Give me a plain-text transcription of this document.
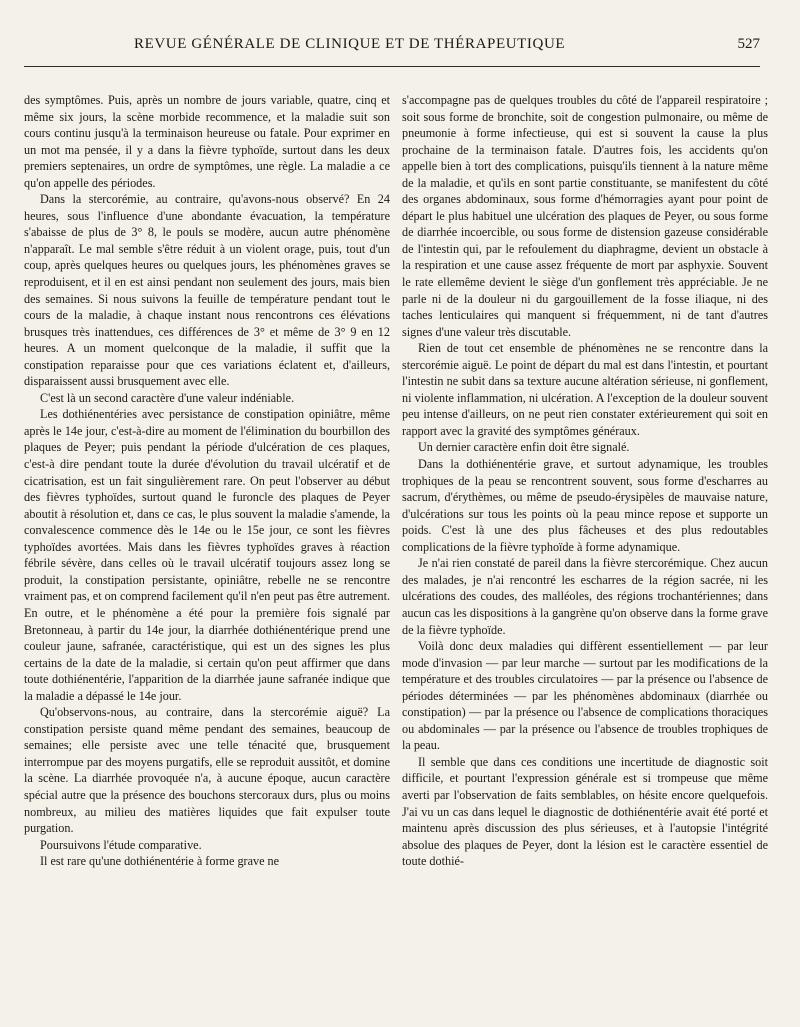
REVUE GÉNÉRALE DE CLINIQUE ET DE THÉRAPEUTIQUE	527

des symptômes. Puis, après un nombre de jours variable, quatre, cinq et même six jours, la scène morbide recommence, et la maladie suit son cours continu jusqu'à la terminaison heureuse ou fatale. Pour exprimer en un mot ma pensée, il y a dans la fièvre typhoïde, surtout dans les deux premiers septenaires, un ordre de symptômes, une règle. La maladie a ce qu'on appelle des périodes.

Dans la stercorémie, au contraire, qu'avons-nous observé? En 24 heures, sous l'influence d'une abondante évacuation, la température s'abaisse de plus de 3° 8, le pouls se modère, aucun autre phénomène n'apparaît. Le mal semble s'être réduit à un violent orage, puis, tout d'un coup, après quelques heures ou quelques jours, les phénomènes graves se reproduisent, et il en est ainsi pendant non seulement des jours, mais bien des semaines. Si nous suivons la feuille de température pendant tout le cours de la maladie, à chaque instant nous rencontrons ces élévations brusques très inattendues, ces différences de 3° et même de 3° 9 en 12 heures. A un moment quelconque de la maladie, il suffit que la constipation reparaisse pour que ces variations éclatent et, d'ailleurs, disparaissent aussi brusquement avec elle.

C'est là un second caractère d'une valeur indéniable.

Les dothiénentéries avec persistance de constipation opiniâtre, même après le 14e jour, c'est-à-dire au moment de l'élimination du bourbillon des plaques de Peyer; puis pendant la période d'ulcération de ces plaques, c'est-à dire pendant toute la durée d'évolution du travail ulcératif et de cicatrisation, est un fait singulièrement rare. On peut l'observer au début des fièvres typhoïdes, surtout quand le furoncle des plaques de Peyer aboutit à résolution et, dans ce cas, le plus souvent la maladie s'amende, la convalescence commence dès le 14e ou le 15e jour, ce sont les fièvres typhoïdes avortées. Mais dans les fièvres typhoïdes graves à réaction fébrile sévère, dans celles où le travail ulcératif toujours assez long se produit, la constipation persistante, opiniâtre, rebelle ne se rencontre vraiment pas, et on comprend facilement qu'il n'en peut pas être autrement. En outre, et le phénomène a été pour la première fois signalé par Bretonneau, à partir du 14e jour, la diarrhée dothiénentérique prend une couleur jaune, safranée, caractéristique, qui est un des signes les plus certains de la date de la maladie, si certain qu'on peut affirmer que dans toute dothiénentérie, l'apparition de la diarrhée jaune safranée indique que la maladie a dépassé le 14e jour.

Qu'observons-nous, au contraire, dans la stercorémie aiguë? La constipation persiste quand même pendant des semaines, beaucoup de semaines; elle persiste avec une telle ténacité que, brusquement interrompue par des moyens purgatifs, elle se reproduit aussitôt, et domine la scène. La diarrhée provoquée n'a, à aucune époque, aucun caractère spécial autre que la présence des bouchons stercoraux durs, plus ou moins nombreux, au milieu des matières liquides que fait expulser toute purgation.

Poursuivons l'étude comparative.

Il est rare qu'une dothiénentérie à forme grave ne

s'accompagne pas de quelques troubles du côté de l'appareil respiratoire ; soit sous forme de bronchite, soit de congestion pulmonaire, ou même de pneumonie à forme infectieuse, qui est si souvent la cause la plus prochaine de la terminaison fatale. D'autres fois, les accidents qu'on appelle bien à tort des complications, puisqu'ils tiennent à la nature même de la maladie, et qu'ils en sont partie constituante, se manifestent du côté des organes abdominaux, sous forme d'hémorragies ayant pour point de départ le plus habituel une ulcération des plaques de Peyer, ou sous forme de diarrhée incoercible, ou sous forme de distension gazeuse considérable de l'intestin qui, par le refoulement du diaphragme, devient un obstacle à la respiration et une cause assez fréquente de mort par asphyxie. Souvent le rate ellemême devient le siège d'un gonflement très appréciable. Je ne parle ni de la douleur ni du gargouillement de la fosse iliaque, ni des taches lenticulaires qui manquent si fréquemment, ni de tant d'autres signes d'une valeur très discutable.

Rien de tout cet ensemble de phénomènes ne se rencontre dans la stercorémie aiguë. Le point de départ du mal est dans l'intestin, et pourtant l'intestin ne subit dans sa texture aucune altération sérieuse, ni gonflement, ni violente inflammation, ni ulcération. A l'exception de la douleur souvent peu intense d'ailleurs, on ne peut rien constater extérieurement qui soit en rapport avec la gravité des symptômes généraux.

Un dernier caractère enfin doit être signalé.

Dans la dothiénentérie grave, et surtout adynamique, les troubles trophiques de la peau se rencontrent souvent, sous forme d'escharres au sacrum, d'érythèmes, ou même de pseudo-érysipèles de mauvaise nature, d'ulcérations sur tous les points où la peau mince repose et supporte un poids. C'est là une des plus fâcheuses et des plus redoutables complications de la fièvre typhoïde à forme adynamique.

Je n'ai rien constaté de pareil dans la fièvre stercorémique. Chez aucun des malades, je n'ai rencontré les escharres de la région sacrée, ni les ulcérations des coudes, des malléoles, des régions trochantériennes; dans aucun cas les dispositions à la gangrène qu'on observe dans la forme grave de la fièvre typhoïde.

Voilà donc deux maladies qui diffèrent essentiellement — par leur mode d'invasion — par leur marche — surtout par les modifications de la température et des troubles circulatoires — par la présence ou l'absence de périodes déterminées — par les phénomènes abdominaux (diarrhée ou constipation) — par la présence ou l'absence de complications thoraciques ou abdominales — par la présence ou l'absence de troubles trophiques de la peau.

Il semble que dans ces conditions une incertitude de diagnostic soit difficile, et pourtant l'expression générale est si trompeuse que même averti par l'observation de faits semblables, on hésite encore quelquefois. J'ai vu un cas dans lequel le diagnostic de dothiénentérie avait été porté et maintenu après discussion des plus sérieuses, et à l'autopsie l'intégrité absolue des plaques de Peyer, dont la lésion est le caractère essentiel de toute dothié-
